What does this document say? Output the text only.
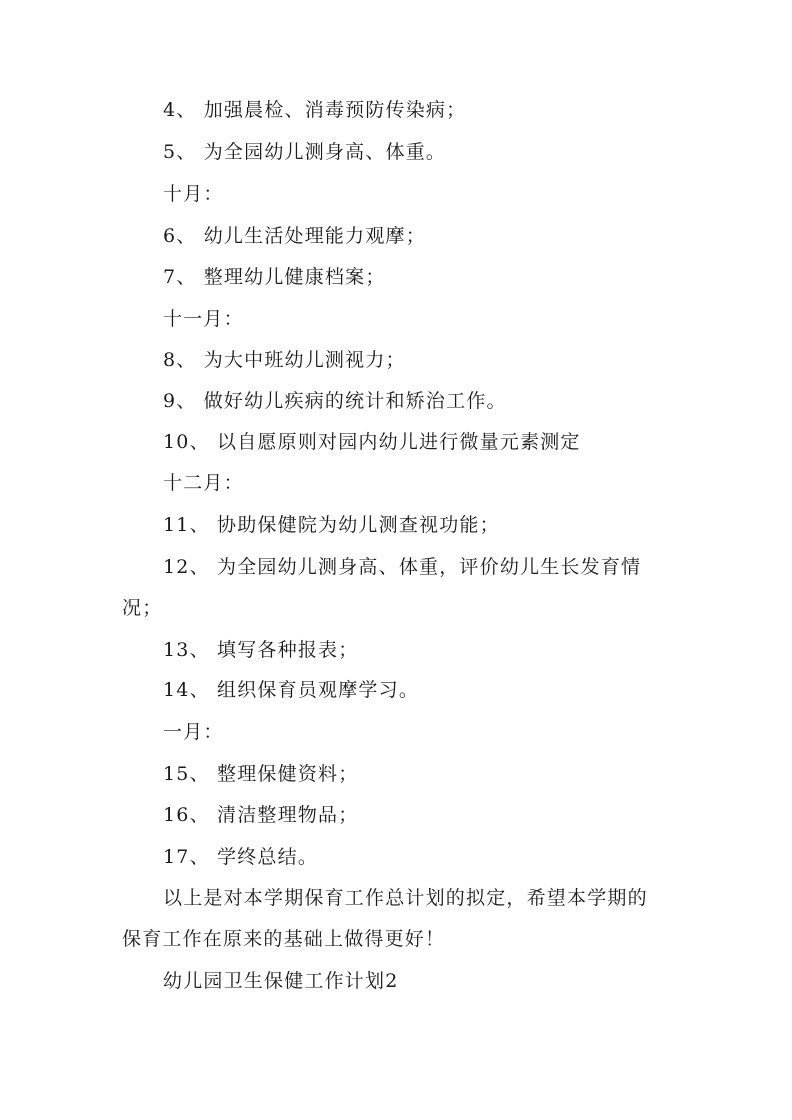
4、 加强晨检、消毒预防传染病；
5、 为全园幼儿测身高、体重。
十月：
6、 幼儿生活处理能力观摩；
7、 整理幼儿健康档案；
十一月：
8、 为大中班幼儿测视力；
9、 做好幼儿疾病的统计和矫治工作。
10、 以自愿原则对园内幼儿进行微量元素测定
十二月：
11、 协助保健院为幼儿测查视功能；
12、 为全园幼儿测身高、体重，评价幼儿生长发育情
况；
13、 填写各种报表；
14、 组织保育员观摩学习。
一月：
15、 整理保健资料；
16、 清洁整理物品；
17、 学终总结。
以上是对本学期保育工作总计划的拟定，希望本学期的
保育工作在原来的基础上做得更好！
幼儿园卫生保健工作计划2
